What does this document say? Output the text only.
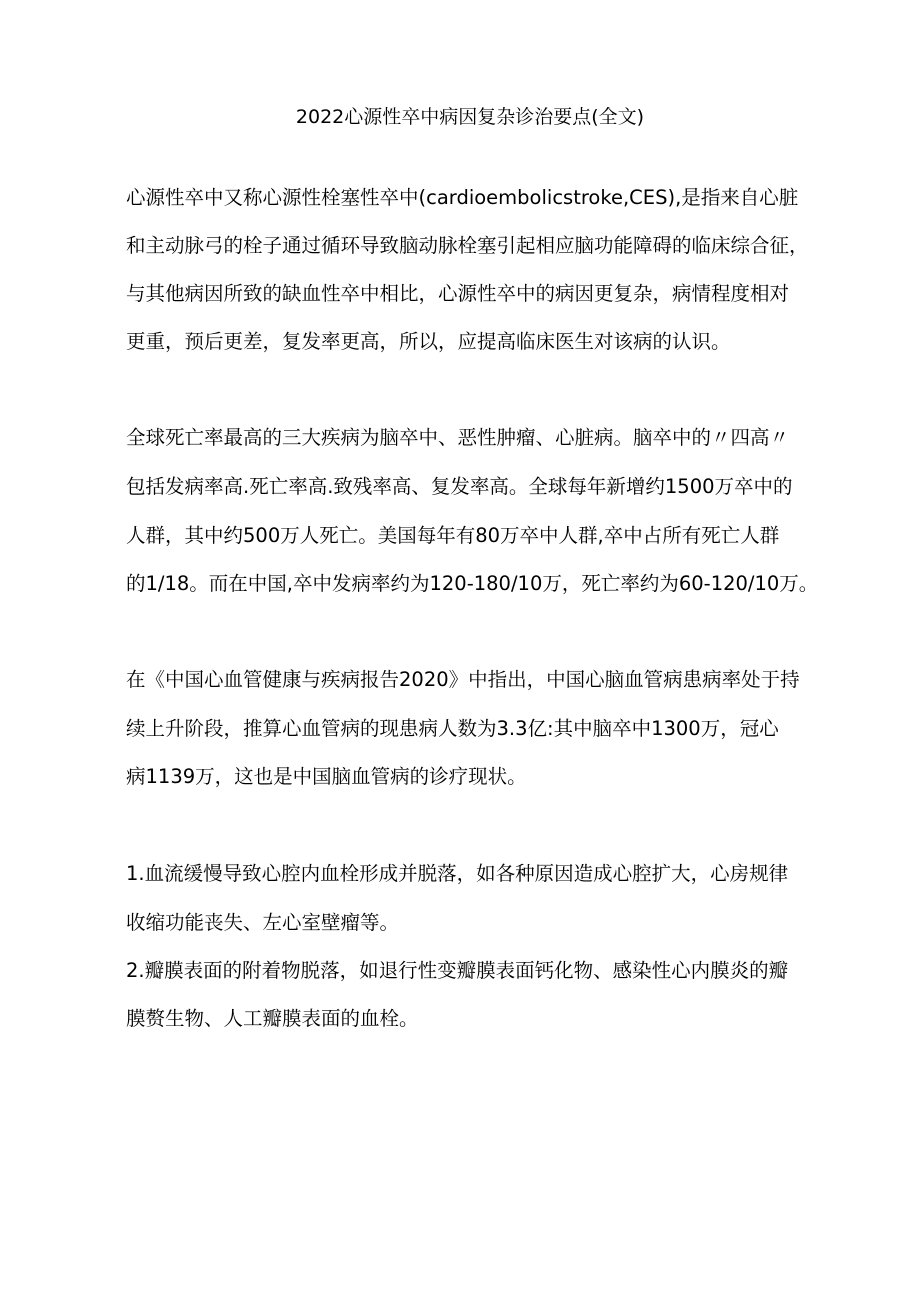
2022心源性卒中病因复杂诊治要点(全文)
心源性卒中又称心源性栓塞性卒中(cardioembolicstroke,CES),是指来自心脏
和主动脉弓的栓子通过循环导致脑动脉栓塞引起相应脑功能障碍的临床综合征，
与其他病因所致的缺血性卒中相比，心源性卒中的病因更复杂，病情程度相对
更重，预后更差，复发率更高，所以，应提高临床医生对该病的认识。
全球死亡率最高的三大疾病为脑卒中、恶性肿瘤、心脏病。脑卒中的〃四高〃
包括发病率高.死亡率高.致残率高、复发率高。全球每年新增约1500万卒中的
人群，其中约500万人死亡。美国每年有80万卒中人群,卒中占所有死亡人群
的1/18。而在中国,卒中发病率约为120-180/10万，死亡率约为60-120/10万。
在《中国心血管健康与疾病报告2020》中指出，中国心脑血管病患病率处于持
续上升阶段，推算心血管病的现患病人数为3.3亿:其中脑卒中1300万，冠心
病1139万，这也是中国脑血管病的诊疗现状。
1.血流缓慢导致心腔内血栓形成并脱落，如各种原因造成心腔扩大，心房规律
收缩功能丧失、左心室壁瘤等。
2.瓣膜表面的附着物脱落，如退行性变瓣膜表面钙化物、感染性心内膜炎的瓣
膜赘生物、人工瓣膜表面的血栓。
